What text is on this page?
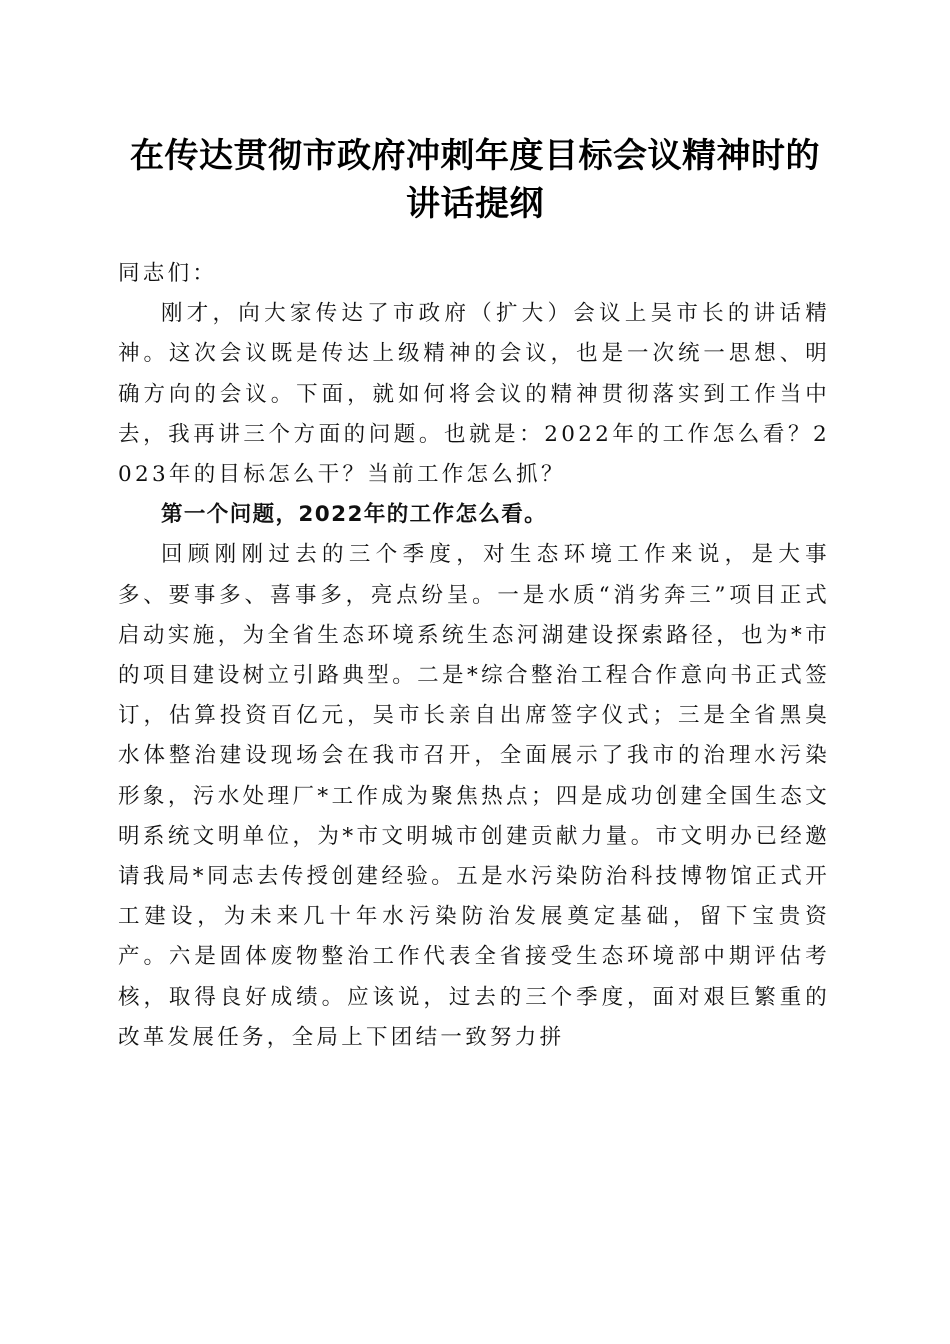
在传达贯彻市政府冲刺年度目标会议精神时的
讲话提纲

同志们：

刚才，向大家传达了市政府（扩大）会议上吴市长的讲话精神。这次会议既是传达上级精神的会议，也是一次统一思想、明确方向的会议。下面，就如何将会议的精神贯彻落实到工作当中去，我再讲三个方面的问题。也就是：2022年的工作怎么看？2023年的目标怎么干？当前工作怎么抓？

第一个问题，2022年的工作怎么看。

回顾刚刚过去的三个季度，对生态环境工作来说，是大事多、要事多、喜事多，亮点纷呈。一是水质“消劣奔三”项目正式启动实施，为全省生态环境系统生态河湖建设探索路径，也为*市的项目建设树立引路典型。二是*综合整治工程合作意向书正式签订，估算投资百亿元，吴市长亲自出席签字仪式；三是全省黑臭水体整治建设现场会在我市召开，全面展示了我市的治理水污染形象，污水处理厂*工作成为聚焦热点；四是成功创建全国生态文明系统文明单位，为*市文明城市创建贡献力量。市文明办已经邀请我局*同志去传授创建经验。五是水污染防治科技博物馆正式开工建设，为未来几十年水污染防治发展奠定基础，留下宝贵资产。六是固体废物整治工作代表全省接受生态环境部中期评估考核，取得良好成绩。应该说，过去的三个季度，面对艰巨繁重的改革发展任务，全局上下团结一致努力拼
